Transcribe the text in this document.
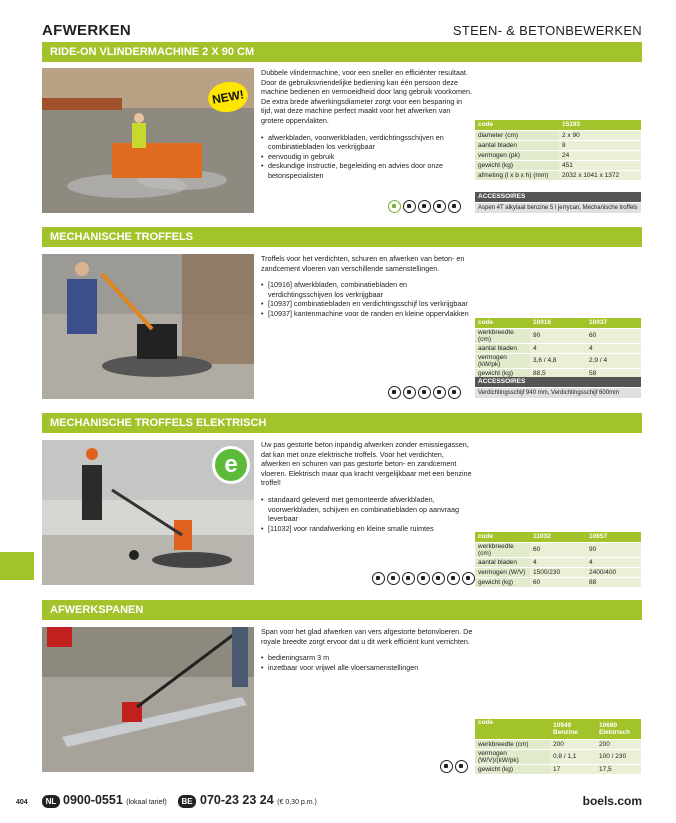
AFWERKEN	STEEN- & BETONBEWERKEN
RIDE-ON VLINDERMACHINE 2 X 90 CM
NEW!

Dubbele vlindermachine, voor een sneller en efficiënter resultaat. Door de gebruiksvriendelijke bediening kan één persoon deze machine bedienen en vermoeidheid door lang gebruik voorkomen. De extra brede afwerkingsdiameter zorgt voor een besparing in tijd, wat deze machine perfect maakt voor het afwerken van grotere oppervlakten.

• afwerkbladen, voorwerkbladen, verdichtingsschijven en combinatiebladen los verkrijgbaar
• eenvoudig in gebruik
• deskundige instructie, begeleiding en advies door onze betonspecialisten
code	15193
diameter (cm)	2 x 90
aantal bladen	8
vermogen (pk)	24
gewicht (kg)	451
afmeting (l x b x h) (mm)	2032 x 1041 x 1372
ACCESSOIRES
Aspen 4T alkylaat benzine 5 l jerrycan, Mechanische troffels
MECHANISCHE TROFFELS

Troffels voor het verdichten, schuren en afwerken van beton- en zandcement vloeren van verschillende samenstellingen.

• [10916] afwerkbladen, combinatiebladen en verdichtingsschijven los verkrijgbaar
• [10937] combinatiebladen en verdichtingsschijf los verkrijgbaar
• [10937] kantenmachine voor de randen en kleine oppervlakken
code	10916	10937
werkbreedte (cm)	90	60
aantal bladen	4	4
vermogen (kW/pk)	3,6 / 4,8	2,9 / 4
gewicht (kg)	88,5	58
ACCESSOIRES
Verdichtingsschijf 940 mm, Verdichtingsschijf 600mm
MECHANISCHE TROFFELS ELEKTRISCH
e

Uw pas gestorte beton inpandig afwerken zonder emissiegassen, dat kan met onze elektrische troffels. Voor het verdichten, afwerken en schuren van pas gestorte beton- en zandcement vloeren. Elektrisch maar qua kracht vergelijkbaar met een benzine troffel!

• standaard geleverd met gemonteerde afwerkbladen, voorwerkbladen, schijven en combinatiebladen op aanvraag leverbaar
• [11032] voor randafwerking en kleine smalle ruimtes
code	11032	10657
werkbreedte (cm)	60	90
aantal bladen	4	4
vermogen (W/V)	1500/230	2400/400
gewicht (kg)	60	88
AFWERKSPANEN

Span voor het glad afwerken van vers afgestorte betonvloeren. De royale breedte zorgt ervoor dat u dit werk efficiënt kunt verrichten.

• bedieningsarm 3 m
• inzetbaar voor vrijwel alle vloersamenstellingen
code	10949 Benzine	10680 Elektrisch
werkbreedte (cm)	200	200
vermogen (W/V)/(kW/pk)	0,8 / 1,1	100 / 230
gewicht (kg)	17	17,5
404	NL 0900-0551 (lokaal tarief)	BE 070-23 23 24 (€ 0,30 p.m.)	boels.com
